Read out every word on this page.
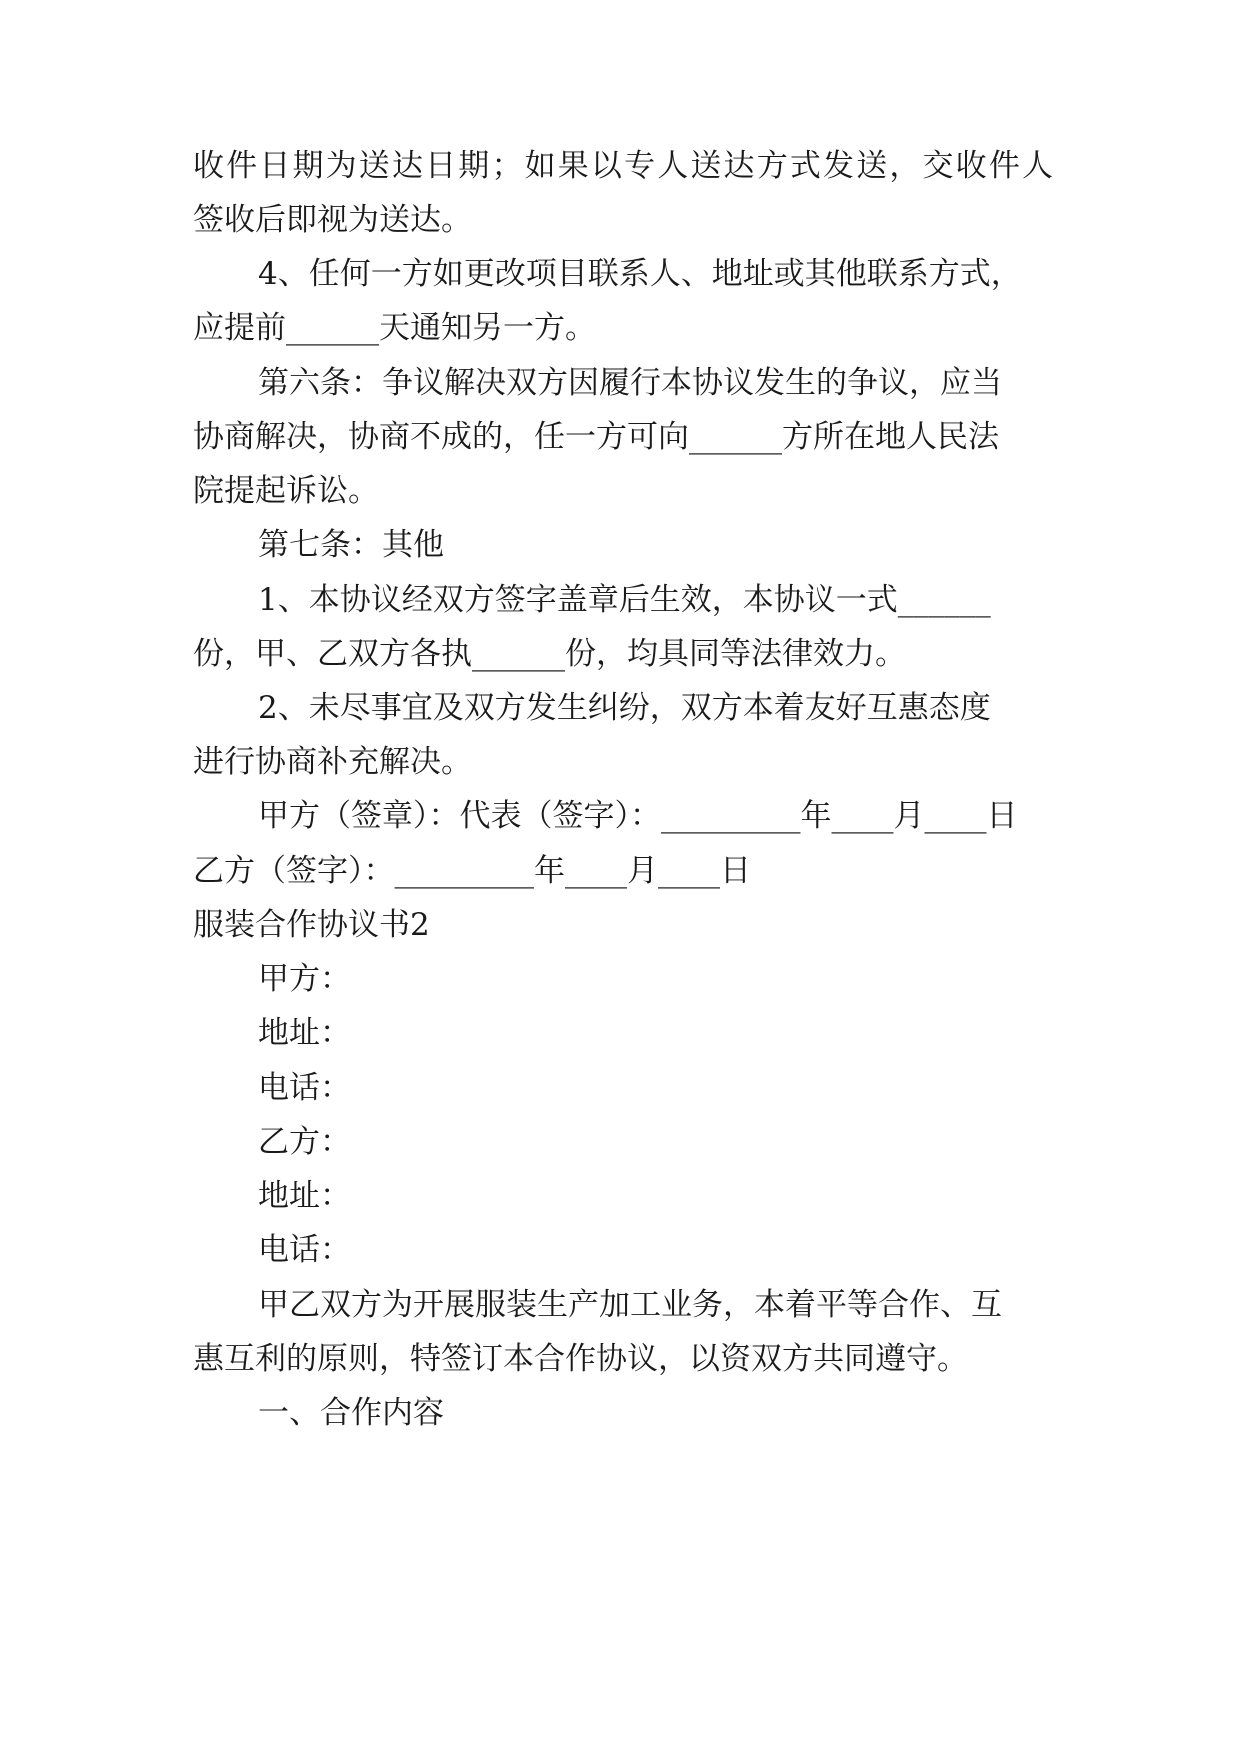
收件日期为送达日期；如果以专人送达方式发送，交收件人
签收后即视为送达。
4、任何一方如更改项目联系人、地址或其他联系方式，
应提前______天通知另一方。
第六条：争议解决双方因履行本协议发生的争议，应当
协商解决，协商不成的，任一方可向______方所在地人民法
院提起诉讼。
第七条：其他
1、本协议经双方签字盖章后生效，本协议一式______
份，甲、乙双方各执______份，均具同等法律效力。
2、未尽事宜及双方发生纠纷，双方本着友好互惠态度
进行协商补充解决。
甲方（签章）：代表（签字）：_________年____月____日
乙方（签字）：_________年____月____日
服装合作协议书2
甲方：
地址：
电话：
乙方：
地址：
电话：
甲乙双方为开展服装生产加工业务，本着平等合作、互
惠互利的原则，特签订本合作协议，以资双方共同遵守。
一、合作内容
